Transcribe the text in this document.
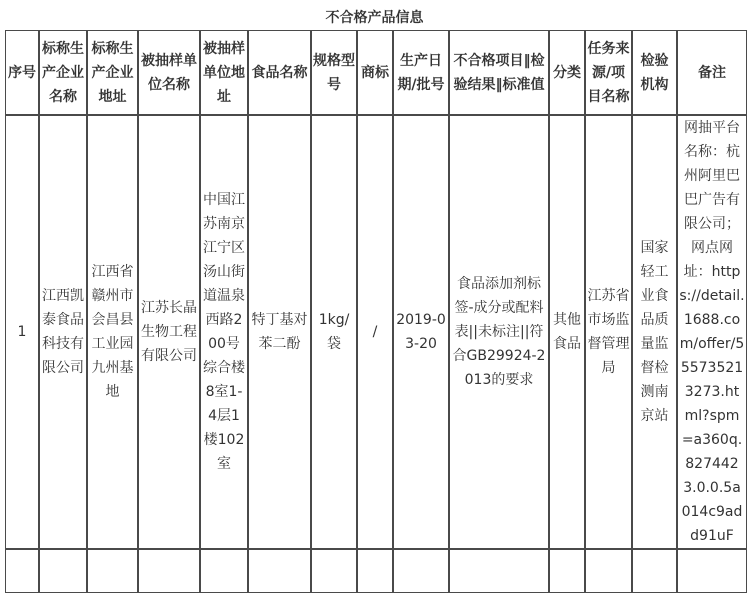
不合格产品信息
序号	标称生产企业名称	标称生产企业地址	被抽样单位名称	被抽样单位地址	食品名称	规格型号	商标	生产日期/批号	不合格项目‖检验结果‖标准值	分类	任务来源/项目名称	检验机构	备注
1	江西凯泰食品科技有限公司	江西省赣州市会昌县工业园九州基地	江苏长晶生物工程有限公司	中国江苏南京江宁区汤山街道温泉西路200号综合楼8室1-4层1楼102室	特丁基对苯二酚	1kg/袋	/	2019-03-20	食品添加剂标签-成分或配料表||未标注||符合GB29924-2013的要求	其他食品	江苏省市场监督管理局	国家轻工业食品质量监督检测南京站	网抽平台名称：杭州阿里巴巴广告有限公司；网点网址：https://detail.1688.com/offer/555735213273.html?spm=a360q.8274423.0.0.5a014c9add91uF
